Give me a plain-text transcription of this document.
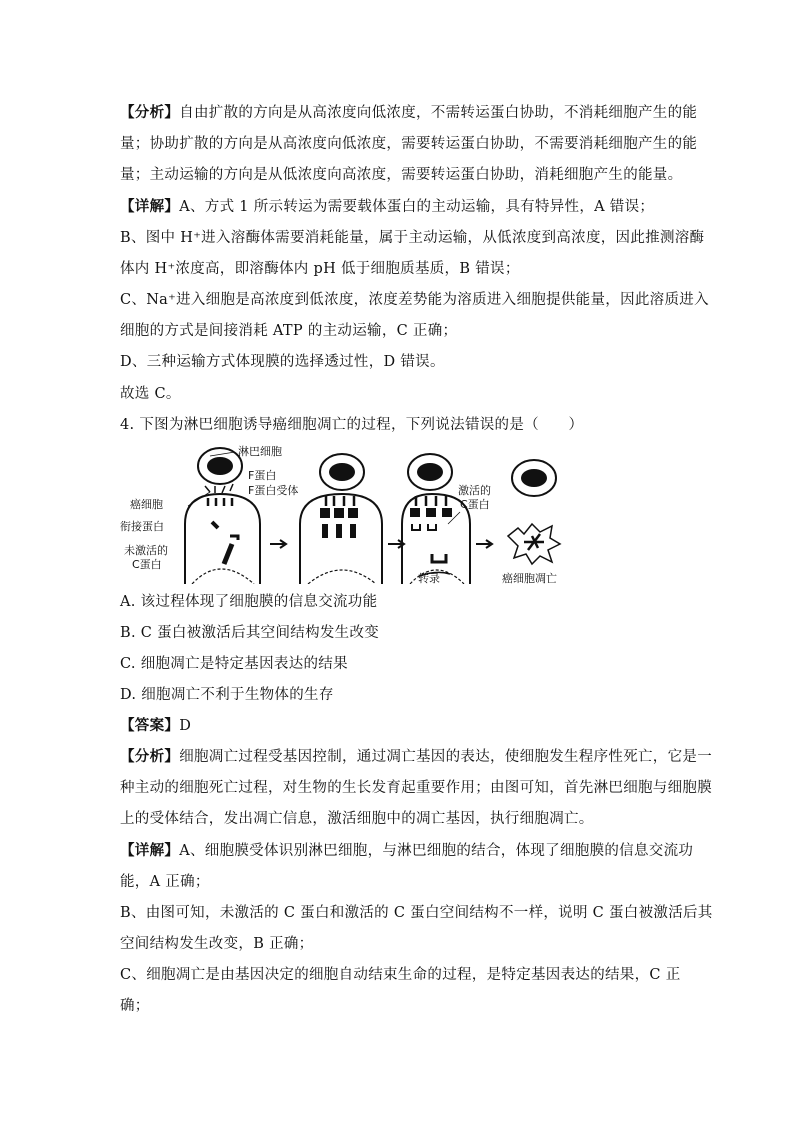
【分析】自由扩散的方向是从高浓度向低浓度，不需转运蛋白协助，不消耗细胞产生的能
量；协助扩散的方向是从高浓度向低浓度，需要转运蛋白协助，不需要消耗细胞产生的能
量；主动运输的方向是从低浓度向高浓度，需要转运蛋白协助，消耗细胞产生的能量。
【详解】A、方式 1 所示转运为需要载体蛋白的主动运输，具有特异性，A 错误；
B、图中 H⁺进入溶酶体需要消耗能量，属于主动运输，从低浓度到高浓度，因此推测溶酶
体内 H⁺浓度高，即溶酶体内 pH 低于细胞质基质，B 错误；
C、Na⁺进入细胞是高浓度到低浓度，浓度差势能为溶质进入细胞提供能量，因此溶质进入
细胞的方式是间接消耗 ATP 的主动运输，C 正确；
D、三种运输方式体现膜的选择透过性，D 错误。
故选 C。
4. 下图为淋巴细胞诱导癌细胞凋亡的过程，下列说法错误的是（　　）
淋巴细胞
F蛋白
F蛋白受体
癌细胞
衔接蛋白
未激活的
C蛋白
激活的
C蛋白
转录	癌细胞凋亡
A. 该过程体现了细胞膜的信息交流功能
B. C 蛋白被激活后其空间结构发生改变
C. 细胞凋亡是特定基因表达的结果
D. 细胞凋亡不利于生物体的生存
【答案】D
【分析】细胞凋亡过程受基因控制，通过凋亡基因的表达，使细胞发生程序性死亡，它是一
种主动的细胞死亡过程，对生物的生长发育起重要作用；由图可知，首先淋巴细胞与细胞膜
上的受体结合，发出凋亡信息，激活细胞中的凋亡基因，执行细胞凋亡。
【详解】A、细胞膜受体识别淋巴细胞，与淋巴细胞的结合，体现了细胞膜的信息交流功
能，A 正确；
B、由图可知，未激活的 C 蛋白和激活的 C 蛋白空间结构不一样，说明 C 蛋白被激活后其
空间结构发生改变，B 正确；
C、细胞凋亡是由基因决定的细胞自动结束生命的过程，是特定基因表达的结果，C 正
确；
